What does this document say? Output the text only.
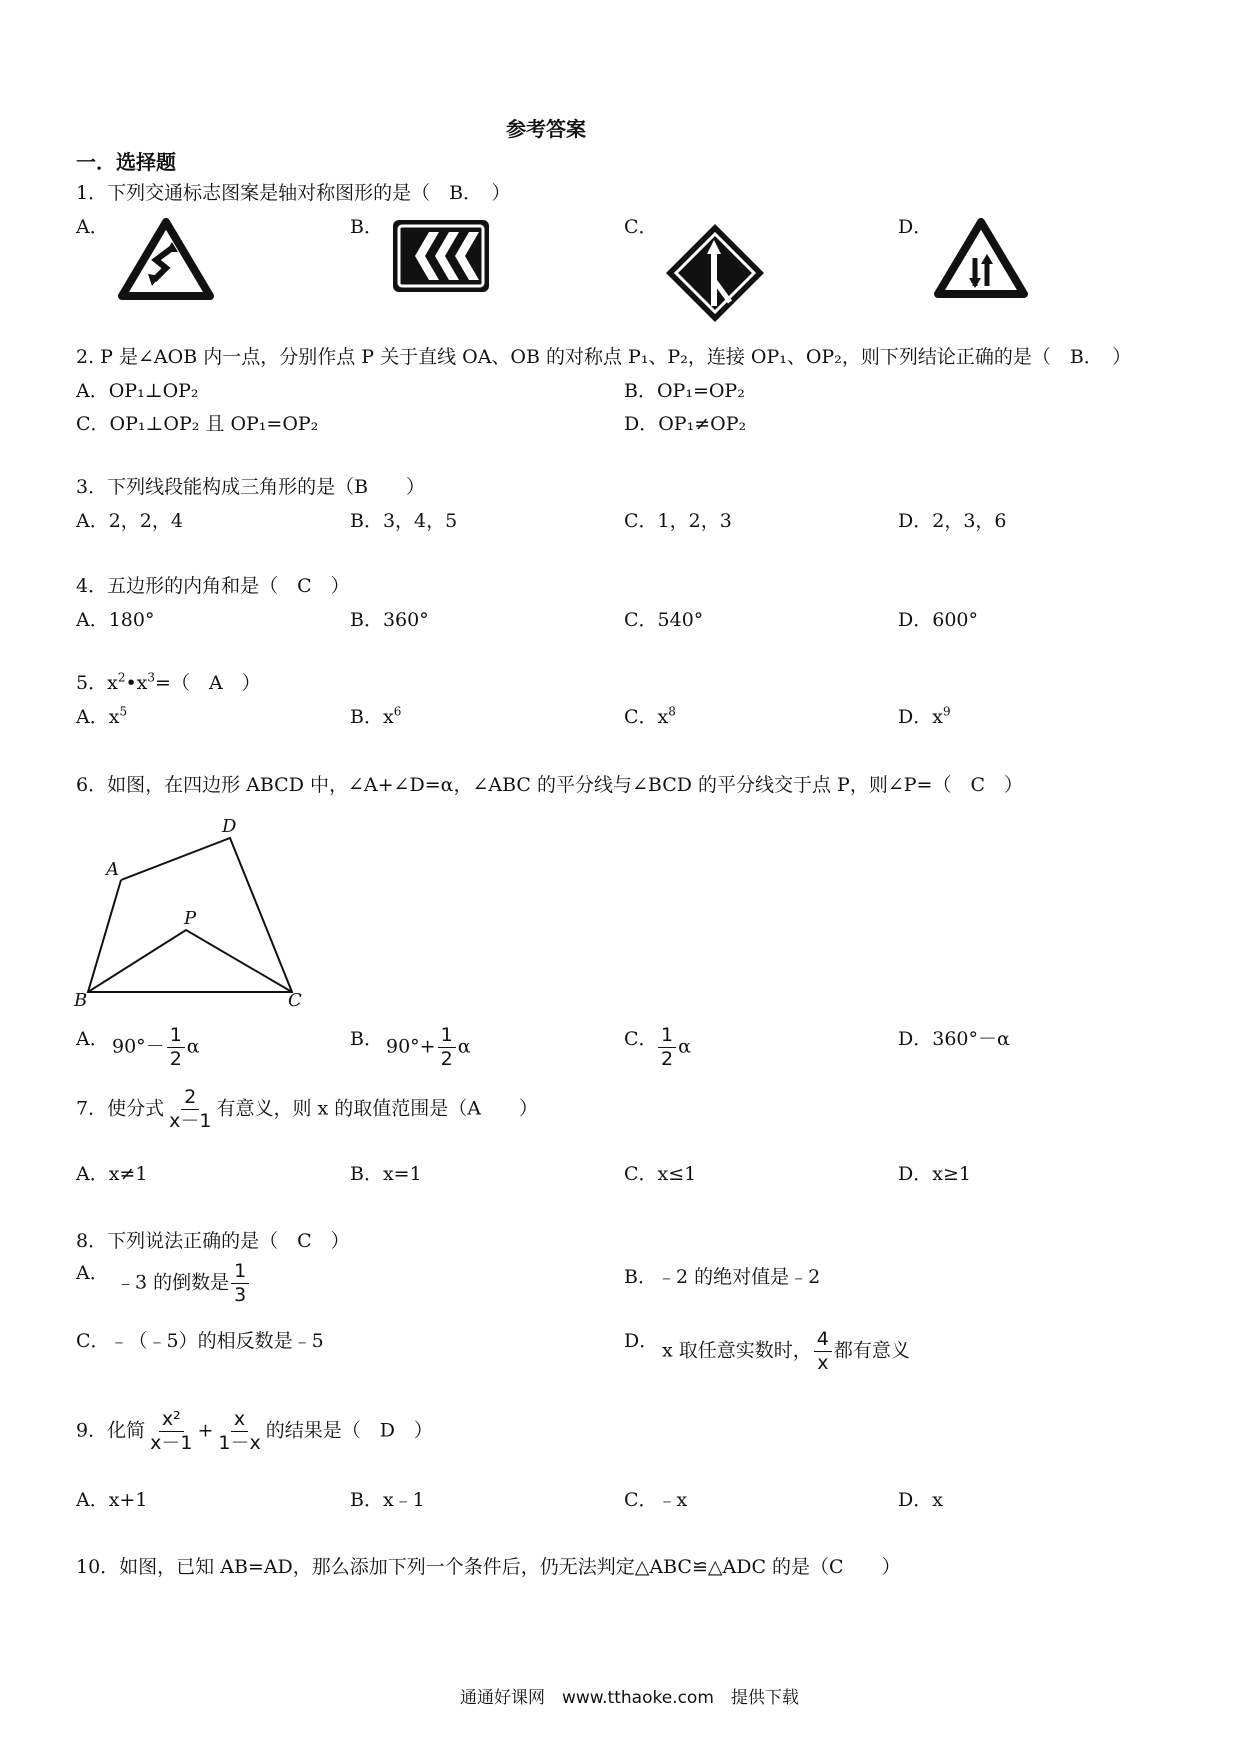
参考答案
一．选择题
1．下列交通标志图案是轴对称图形的是（　B．　）
A．	B．	C．	D．
2. P 是∠AOB 内一点，分别作点 P 关于直线 OA、OB 的对称点 P₁、P₂，连接 OP₁、OP₂，则下列结论正确的是（　B．　）
A．OP₁⊥OP₂	B．OP₁=OP₂
C．OP₁⊥OP₂ 且 OP₁=OP₂	D．OP₁≠OP₂
3．下列线段能构成三角形的是（B　　）
A．2，2，4	B．3，4，5	C．1，2，3	D．2，3，6
4．五边形的内角和是（　C　）
A．180°	B．360°	C．540°	D．600°
5．$x^2•x^3=$（　A　）
A．$x^5$	B．$x^6$	C．$x^8$	D．$x^9$
6．如图，在四边形 ABCD 中，∠A+∠D=α，∠ABC 的平分线与∠BCD 的平分线交于点 P，则∠P=（　C　）
A
D
P
B	C
A． $90^\circ- \frac{1}{2}$ α	B． $90^\circ+ \frac{1}{2}$ α	C． $\frac{1}{2}$ α	D．360°－α
7．使分式 $\frac{2}{x-1}$ 有意义，则 x 的取值范围是（A　　）
A．x≠1	B．x=1	C．x≤1	D．x≥1
8．下列说法正确的是（　C　）
A． ﹣3 的倒数是 $\frac{1}{3}$	B．﹣2 的绝对值是﹣2
C．﹣（﹣5）的相反数是﹣5	D． x 取任意实数时， $\frac{4}{x}$ 都有意义
9．化简 $\frac{\text{x²}}{x-1} + \frac{x}{1-x}$ 的结果是（　D　）
A．x+1	B．x﹣1	C．﹣x	D．x
10．如图，已知 AB=AD，那么添加下列一个条件后，仍无法判定△ABC≌△ADC 的是（C　　）
通通好课网　www.tthaoke.com　提供下载
